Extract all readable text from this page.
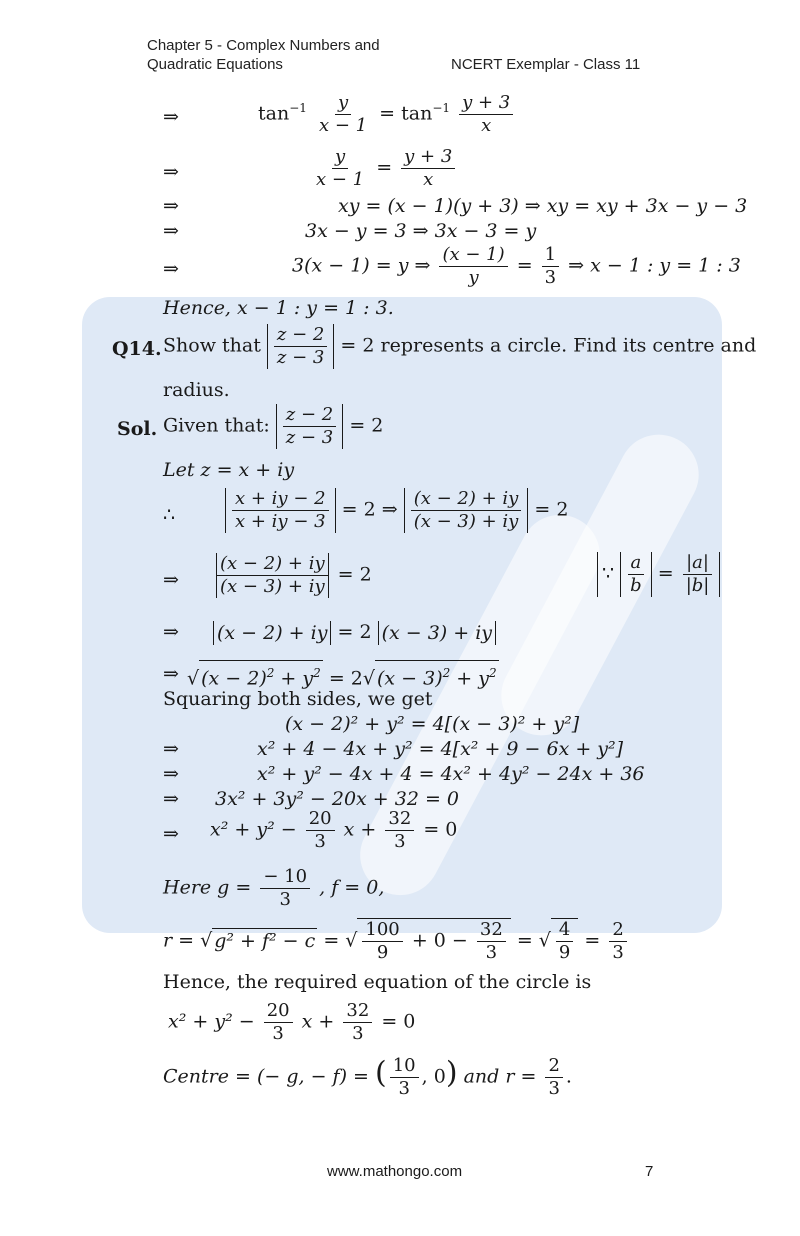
Chapter 5 - Complex Numbers and
Quadratic Equations	NCERT Exemplar - Class 11
⇒	$\tan^{-1} \frac{y}{x - 1} = \tan^{-1} \frac{y + 3}{x}$
⇒	$\frac{y}{x - 1} = \frac{y + 3}{x}$
⇒	xy = (x − 1)(y + 3) ⇒ xy = xy + 3x − y − 3
⇒	3x − y = 3 ⇒ 3x − 3 = y
⇒	3(x − 1) = y ⇒ $\frac{(x - 1)}{y} = \frac{1}{3}$ ⇒ x − 1 : y = 1 : 3
Hence, x − 1 : y = 1 : 3.
Q14. Show that $\frac{z - 2}{z - 3} = 2$ represents a circle. Find its centre and
radius.
Sol. Given that: $\frac{z - 2}{z - 3} = 2$
Let z = x + iy
∴	$\frac{x + iy - 2}{x + iy - 3} = 2$ ⇒ $\frac{(x - 2) + iy}{(x - 3) + iy} = 2$
⇒ $\frac{(x - 2) + iy}{(x - 3) + iy} = 2$	∵ $\frac{a}{b} = \frac{|a|}{|b|}$
⇒ (x − 2) + iy = 2 (x − 3) + iy
⇒ √ $(x - 2)^2 + y^2 = 2√$ $(x - 3)^2 + y^2$
Squaring both sides, we get
(x − 2)² + y² = 4[(x − 3)² + y²]
⇒	x² + 4 − 4x + y² = 4[x² + 9 − 6x + y²]
⇒	x² + y² − 4x + 4 = 4x² + 4y² − 24x + 36
⇒ 3x² + 3y² − 20x + 32 = 0
⇒ $x^2 + y^2 - \frac{20}{3}$ $x + \frac{32}{3} = 0$
Here $g = \frac{- 10}{3}$ , f = 0,
r = √ g² + f² − c = √ $\frac{100}{9} + 0 - \frac{32}{3}$ = √ $\frac{4}{9} = \frac{2}{3}$
Hence, the required equation of the circle is
$x^2 + y^2 - \frac{20}{3}$ $x + \frac{32}{3} = 0$
Centre = (− g, − f) = ( $\frac{10}{3}$ , 0) and $r = \frac{2}{3}$ .
www.mathongo.com	7
